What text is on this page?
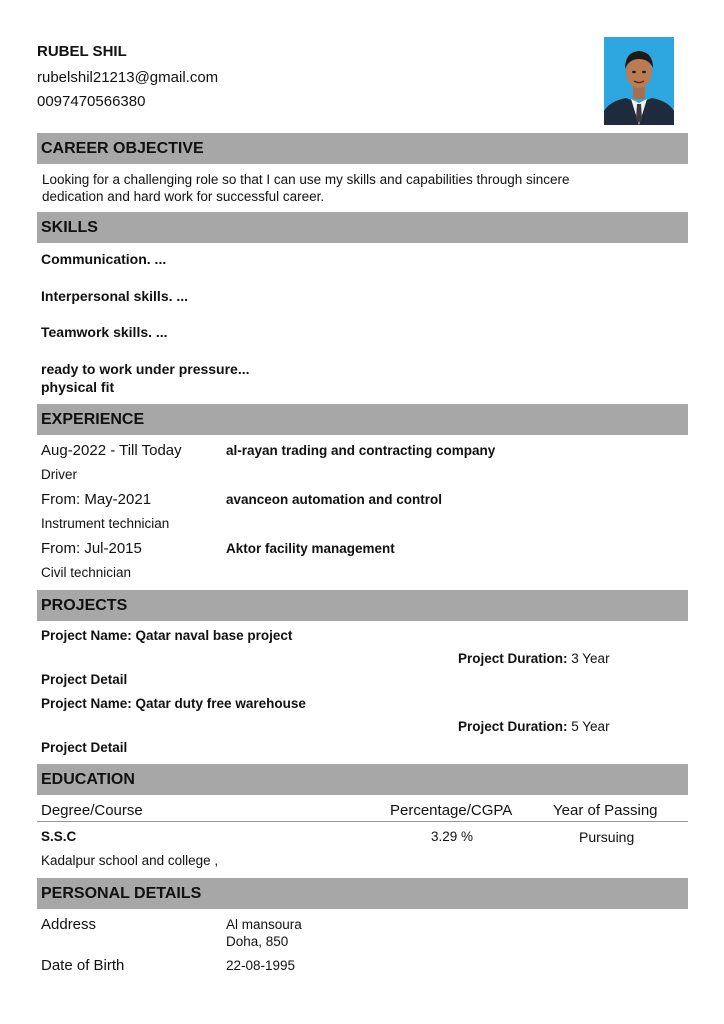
RUBEL SHIL
rubelshil21213@gmail.com
0097470566380
CAREER OBJECTIVE
Looking for a challenging role so that I can use my skills and capabilities through sincere
dedication and hard work for successful career.
SKILLS
Communication. ...
Interpersonal skills. ...
Teamwork skills. ...
ready to work under pressure...
physical fit
EXPERIENCE
Aug-2022 - Till Today	al-rayan trading and contracting company
Driver
From: May-2021	avanceon automation and control
Instrument technician
From: Jul-2015	Aktor facility management
Civil technician
PROJECTS
Project Name: Qatar naval base project
Project Duration: 3 Year
Project Detail
Project Name: Qatar duty free warehouse
Project Duration: 5 Year
Project Detail
EDUCATION
Degree/Course	Percentage/CGPA	Year of Passing
S.S.C	3.29 %	Pursuing
Kadalpur school and college ,
PERSONAL DETAILS
Address	Al mansoura
Doha, 850
Date of Birth	22-08-1995
